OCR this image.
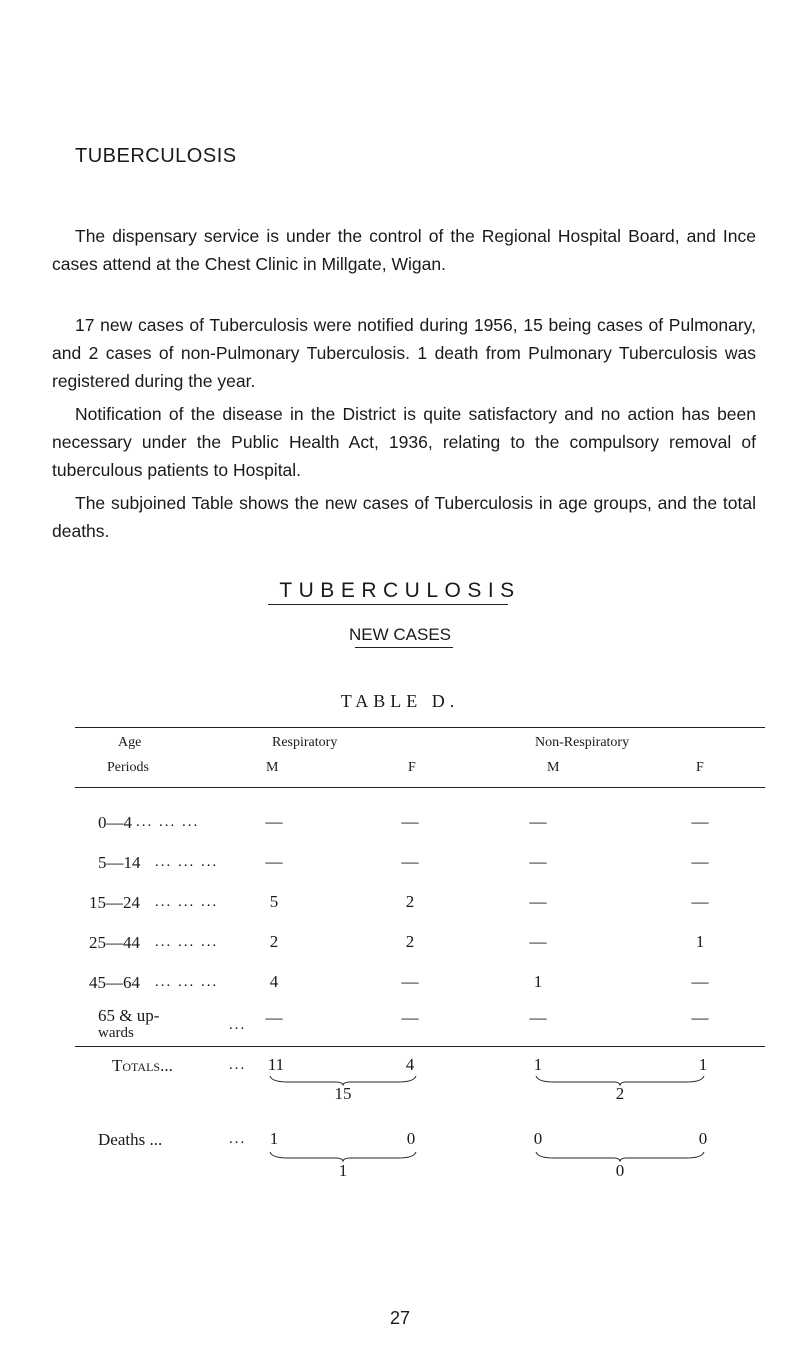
TUBERCULOSIS
The dispensary service is under the control of the Regional Hospital Board, and Ince cases attend at the Chest Clinic in Millgate, Wigan.
17 new cases of Tuberculosis were notified during 1956, 15 being cases of Pulmonary, and 2 cases of non-Pulmonary Tuberculosis. 1 death from Pulmonary Tuberculosis was registered during the year.
Notification of the disease in the District is quite satisfactory and no action has been necessary under the Public Health Act, 1936, relating to the compulsory removal of tuberculous patients to Hospital.
The subjoined Table shows the new cases of Tuberculosis in age groups, and the total deaths.
TUBERCULOSIS
NEW CASES
TABLE D.
Age
Periods
Respiratory	Non-Respiratory
M	F	M	F
0—4 ... ... ...	—	—	—	—
5—14 ... ... ...	—	—	—	—
15—24 ... ... ...	5	2	—	—
25—44 ... ... ...	2	2	—	1
45—64 ... ... ...	4	—	1	—
65 & up-
wards	...	—	—	—	—
Totals...	...	11	4	1	1
15	2
Deaths ...	...	1	0	0	0
1	0
27
